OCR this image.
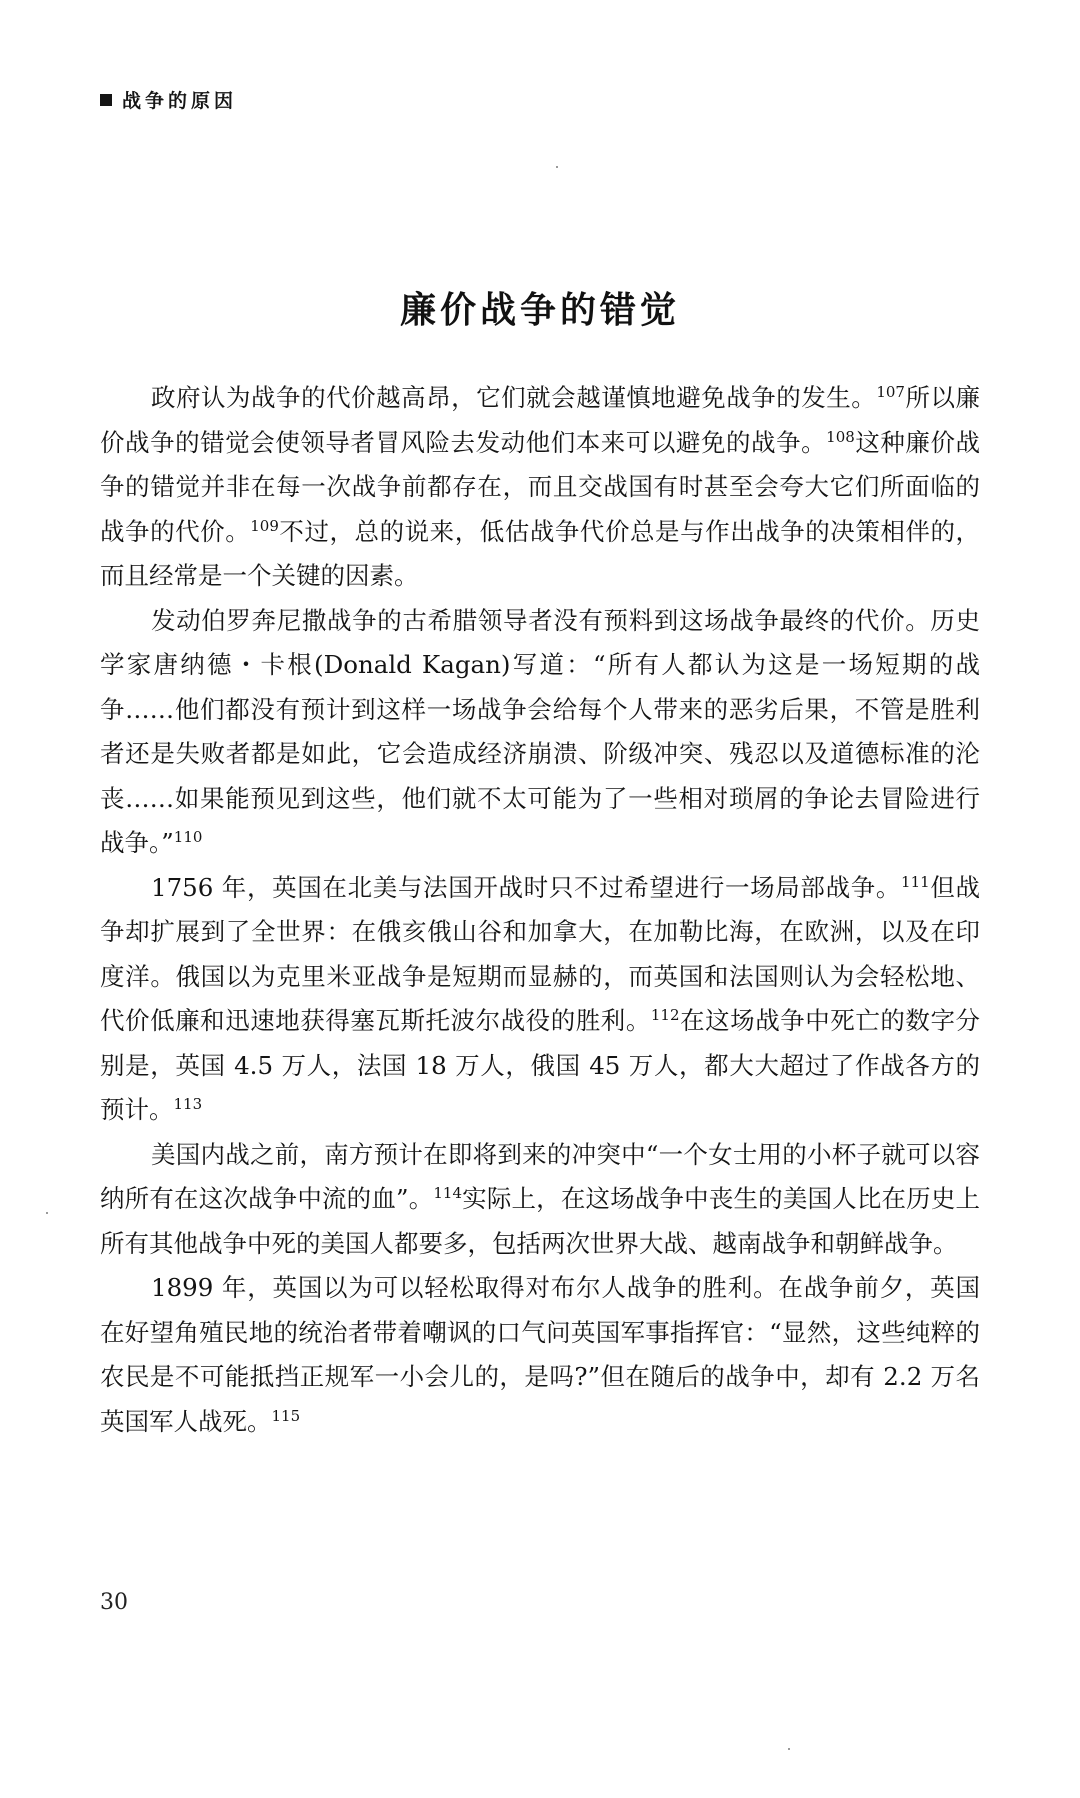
战争的原因
廉价战争的错觉

政府认为战争的代价越高昂，它们就会越谨慎地避免战争的发生。$^{107}$所以廉价战争的错觉会使领导者冒风险去发动他们本来可以避免的战争。$^{108}$这种廉价战争的错觉并非在每一次战争前都存在，而且交战国有时甚至会夸大它们所面临的战争的代价。$^{109}$不过，总的说来，低估战争代价总是与作出战争的决策相伴的，而且经常是一个关键的因素。

发动伯罗奔尼撒战争的古希腊领导者没有预料到这场战争最终的代价。历史学家唐纳德・卡根(Donald Kagan)写道：“所有人都认为这是一场短期的战争……他们都没有预计到这样一场战争会给每个人带来的恶劣后果，不管是胜利者还是失败者都是如此，它会造成经济崩溃、阶级冲突、残忍以及道德标准的沦丧……如果能预见到这些，他们就不太可能为了一些相对琐屑的争论去冒险进行战争。”$^{110}$

1756 年，英国在北美与法国开战时只不过希望进行一场局部战争。$^{111}$但战争却扩展到了全世界：在俄亥俄山谷和加拿大，在加勒比海，在欧洲，以及在印度洋。俄国以为克里米亚战争是短期而显赫的，而英国和法国则认为会轻松地、代价低廉和迅速地获得塞瓦斯托波尔战役的胜利。$^{112}$在这场战争中死亡的数字分别是，英国 4.5 万人，法国 18 万人，俄国 45 万人，都大大超过了作战各方的预计。$^{113}$

美国内战之前，南方预计在即将到来的冲突中“一个女士用的小杯子就可以容纳所有在这次战争中流的血”。$^{114}$实际上，在这场战争中丧生的美国人比在历史上所有其他战争中死的美国人都要多，包括两次世界大战、越南战争和朝鲜战争。

1899 年，英国以为可以轻松取得对布尔人战争的胜利。在战争前夕，英国在好望角殖民地的统治者带着嘲讽的口气问英国军事指挥官：“显然，这些纯粹的农民是不可能抵挡正规军一小会儿的，是吗?”但在随后的战争中，却有 2.2 万名英国军人战死。$^{115}$

30
